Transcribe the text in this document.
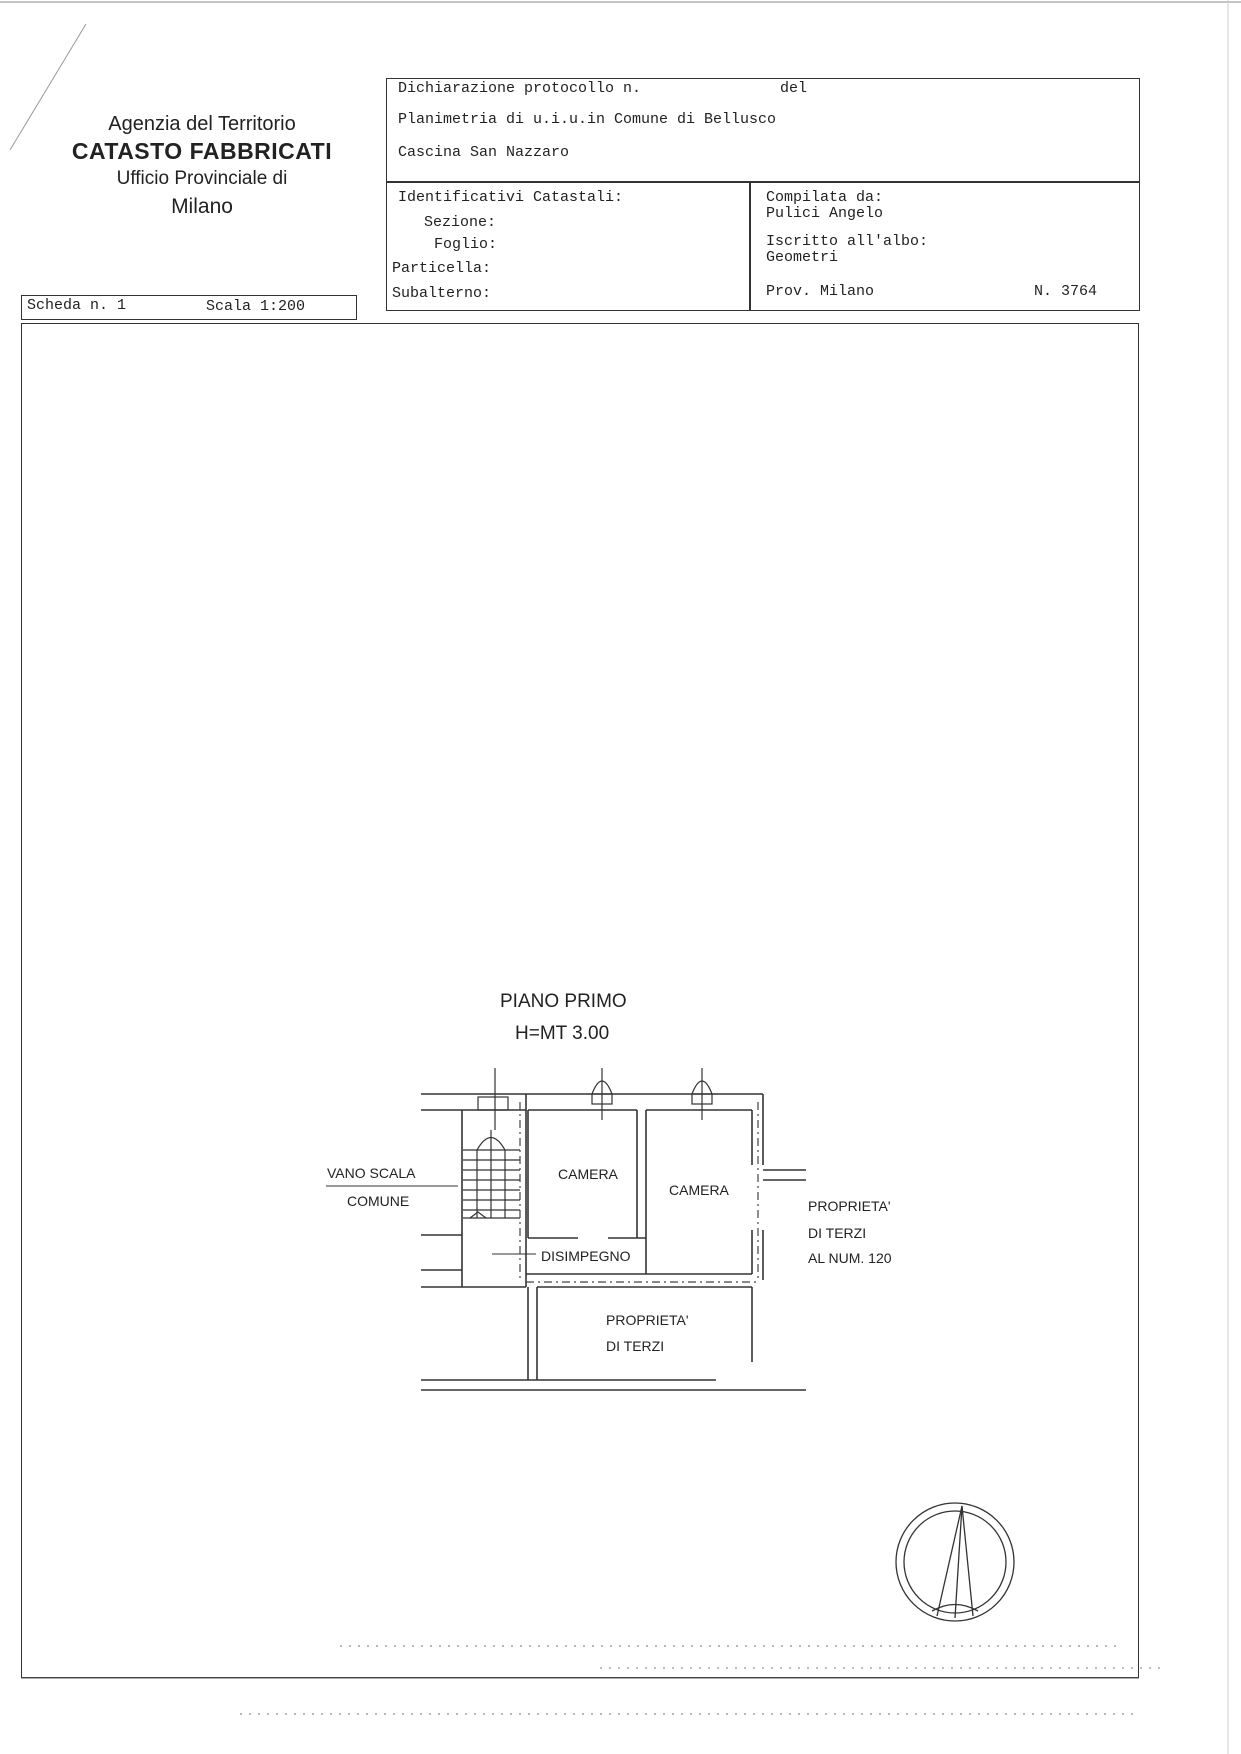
Agenzia del Territorio
CATASTO FABBRICATI
Ufficio Provinciale di
Milano
Dichiarazione protocollo n.	del
Planimetria di u.i.u.in Comune di Bellusco
Cascina San Nazzaro
Identificativi Catastali:
Sezione:
Foglio:
Particella:
Subalterno:
Compilata da:
Pulici Angelo
Iscritto all'albo:
Geometri
Prov. Milano	N. 3764
Scheda n. 1	Scala 1:200
PIANO PRIMO
H=MT 3.00
VANO SCALA
COMUNE
CAMERA
CAMERA
DISIMPEGNO
PROPRIETA'
DI TERZI
AL NUM. 120
PROPRIETA'
DI TERZI
